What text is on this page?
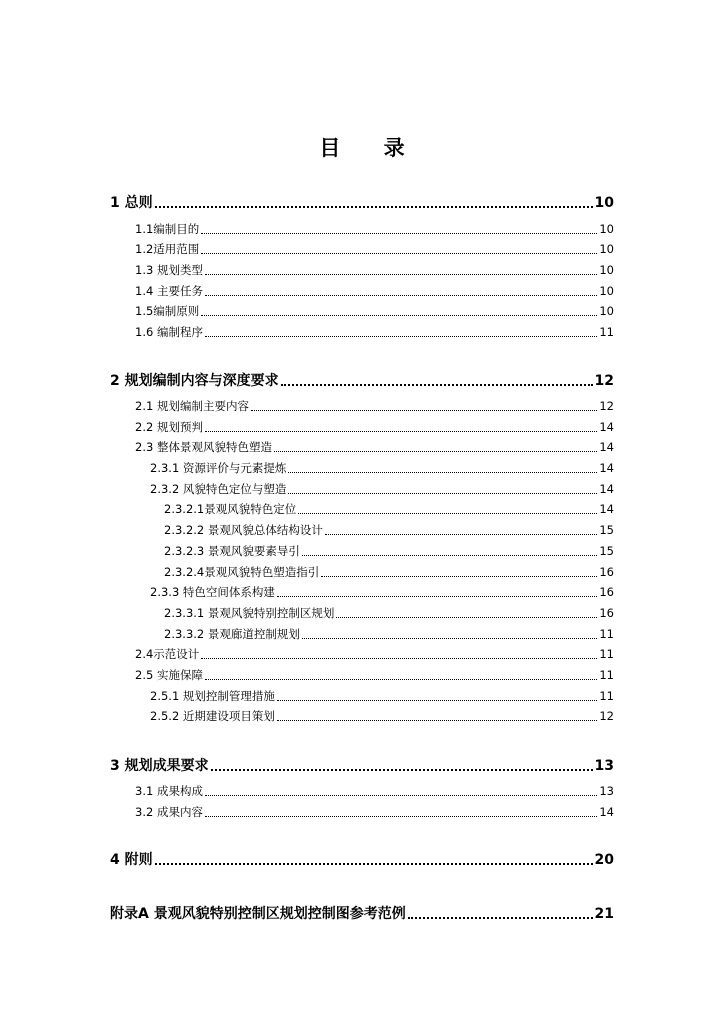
目 录
1 总则	10
1.1编制目的	10
1.2适用范围	10
1.3 规划类型	10
1.4 主要任务	10
1.5编制原则	10
1.6 编制程序	11
2 规划编制内容与深度要求	12
2.1 规划编制主要内容	12
2.2 规划预判	14
2.3 整体景观风貌特色塑造	14
2.3.1 资源评价与元素提炼	14
2.3.2 风貌特色定位与塑造	14
2.3.2.1景观风貌特色定位	14
2.3.2.2 景观风貌总体结构设计	15
2.3.2.3 景观风貌要素导引	15
2.3.2.4景观风貌特色塑造指引	16
2.3.3 特色空间体系构建	16
2.3.3.1 景观风貌特别控制区规划	16
2.3.3.2 景观廊道控制规划	11
2.4示范设计	11
2.5 实施保障	11
2.5.1 规划控制管理措施	11
2.5.2 近期建设项目策划	12
3 规划成果要求	13
3.1 成果构成	13
3.2 成果内容	14
4 附则	20
附录A 景观风貌特别控制区规划控制图参考范例	21
